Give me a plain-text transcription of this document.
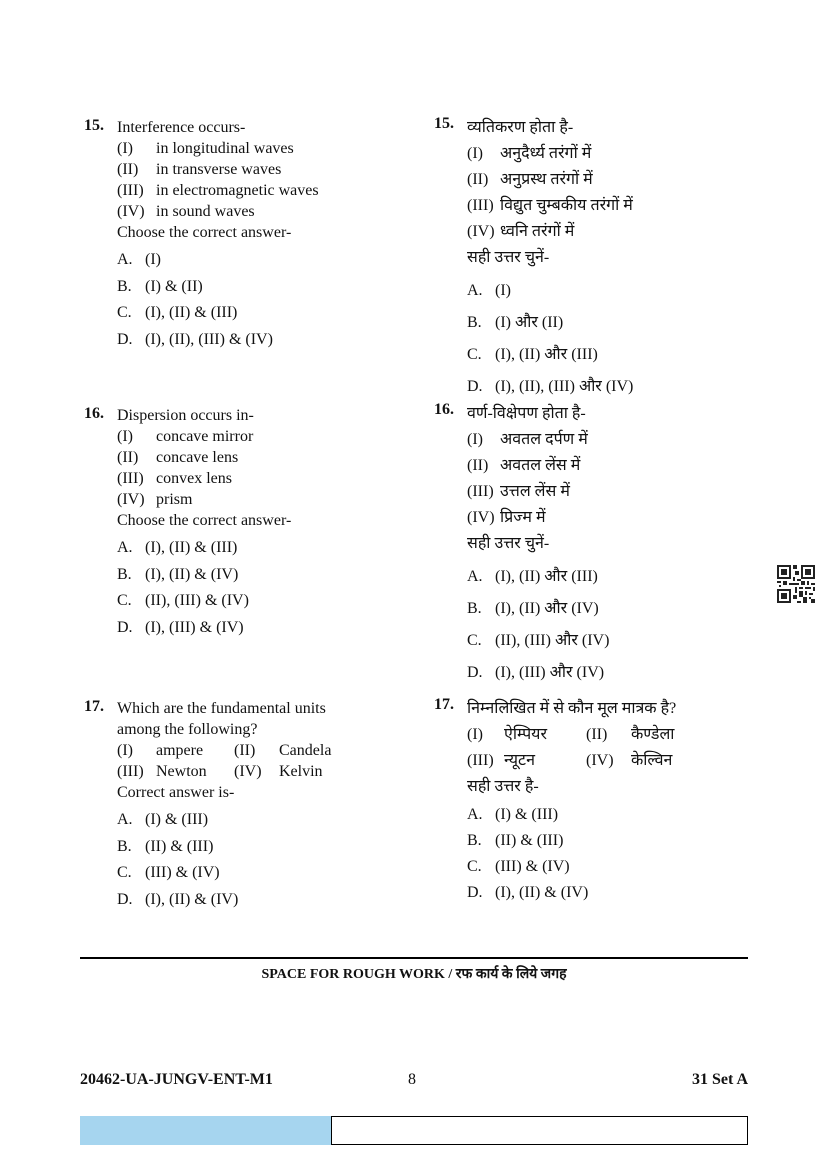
15. Interference occurs-
(I) in longitudinal waves
(II) in transverse waves
(III) in electromagnetic waves
(IV) in sound waves
Choose the correct answer-
A. (I)
B. (I) & (II)
C. (I), (II) & (III)
D. (I), (II), (III) & (IV)
15. व्यतिकरण होता है-
(I) अनुदैर्ध्य तरंगों में
(II) अनुप्रस्थ तरंगों में
(III) विद्युत चुम्बकीय तरंगों में
(IV) ध्वनि तरंगों में
सही उत्तर चुनें-
A. (I)
B. (I) और (II)
C. (I), (II) और (III)
D. (I), (II), (III) और (IV)
16. Dispersion occurs in-
(I) concave mirror
(II) concave lens
(III) convex lens
(IV) prism
Choose the correct answer-
A. (I), (II) & (III)
B. (I), (II) & (IV)
C. (II), (III) & (IV)
D. (I), (III) & (IV)
16. वर्ण-विक्षेपण होता है-
(I) अवतल दर्पण में
(II) अवतल लेंस में
(III) उत्तल लेंस में
(IV) प्रिज्म में
सही उत्तर चुनें-
A. (I), (II) और (III)
B. (I), (II) और (IV)
C. (II), (III) और (IV)
D. (I), (III) और (IV)
17. Which are the fundamental units
among the following?
(I) ampere (II) Candela
(III) Newton (IV) Kelvin
Correct answer is-
A. (I) & (III)
B. (II) & (III)
C. (III) & (IV)
D. (I), (II) & (IV)
17. निम्नलिखित में से कौन मूल मात्रक है?
(I) ऐम्पियर (II) कैण्डेला
(III) न्यूटन	(IV) केल्विन
सही उत्तर है-
A. (I) & (III)
B. (II) & (III)
C. (III) & (IV)
D. (I), (II) & (IV)
SPACE FOR ROUGH WORK / रफ कार्य के लिये जगह
20462-UA-JUNGV-ENT-M1	8	31 Set A
